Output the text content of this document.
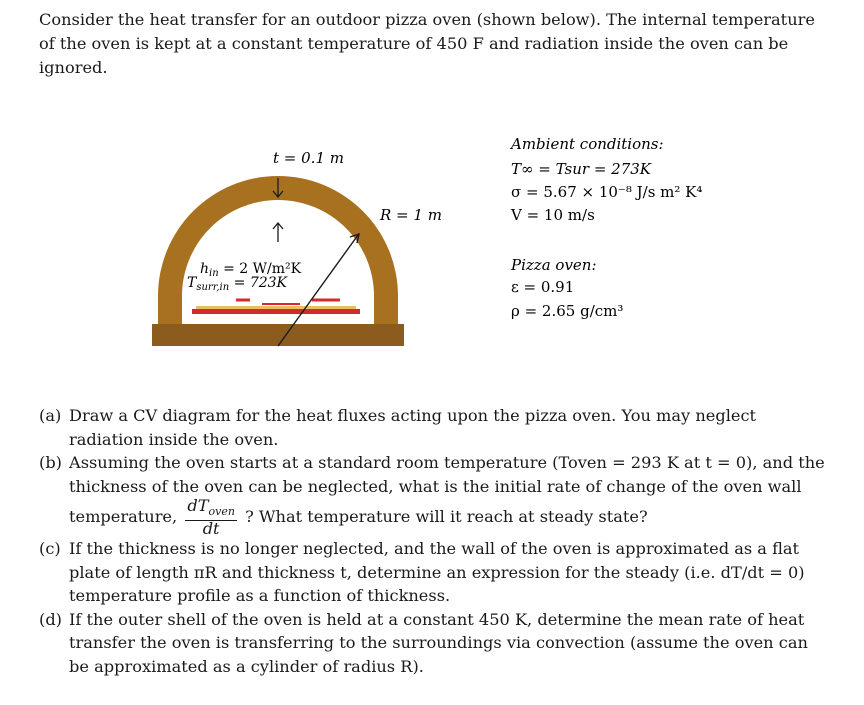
Consider the heat transfer for an outdoor pizza oven (shown below). The internal temperature of the oven is kept at a constant temperature of 450 F and radiation inside the oven can be ignored.
t = 0.1 m
R = 1 m
$h_{in} = 2$ W/m²K
$T_{surr,in} = 723K$
Ambient conditions:
T∞ = Tsur = 273K
σ = 5.67 × 10⁻⁸ J/s m² K⁴
V = 10 m/s
Pizza oven:
ε = 0.91
ρ = 2.65 g/cm³

(a) Draw a CV diagram for the heat fluxes acting upon the pizza oven. You may neglect radiation inside the oven.

(b) Assuming the oven starts at a standard room temperature (Toven = 293 K at t = 0), and the thickness of the oven can be neglected, what is the initial rate of change of the oven wall temperature, $\frac{dT_{oven}}{dt}$ ? What temperature will it reach at steady state?

(c) If the thickness is no longer neglected, and the wall of the oven is approximated as a flat plate of length πR and thickness t, determine an expression for the steady (i.e. dT/dt = 0) temperature profile as a function of thickness.

(d) If the outer shell of the oven is held at a constant 450 K, determine the mean rate of heat transfer the oven is transferring to the surroundings via convection (assume the oven can be approximated as a cylinder of radius R).
